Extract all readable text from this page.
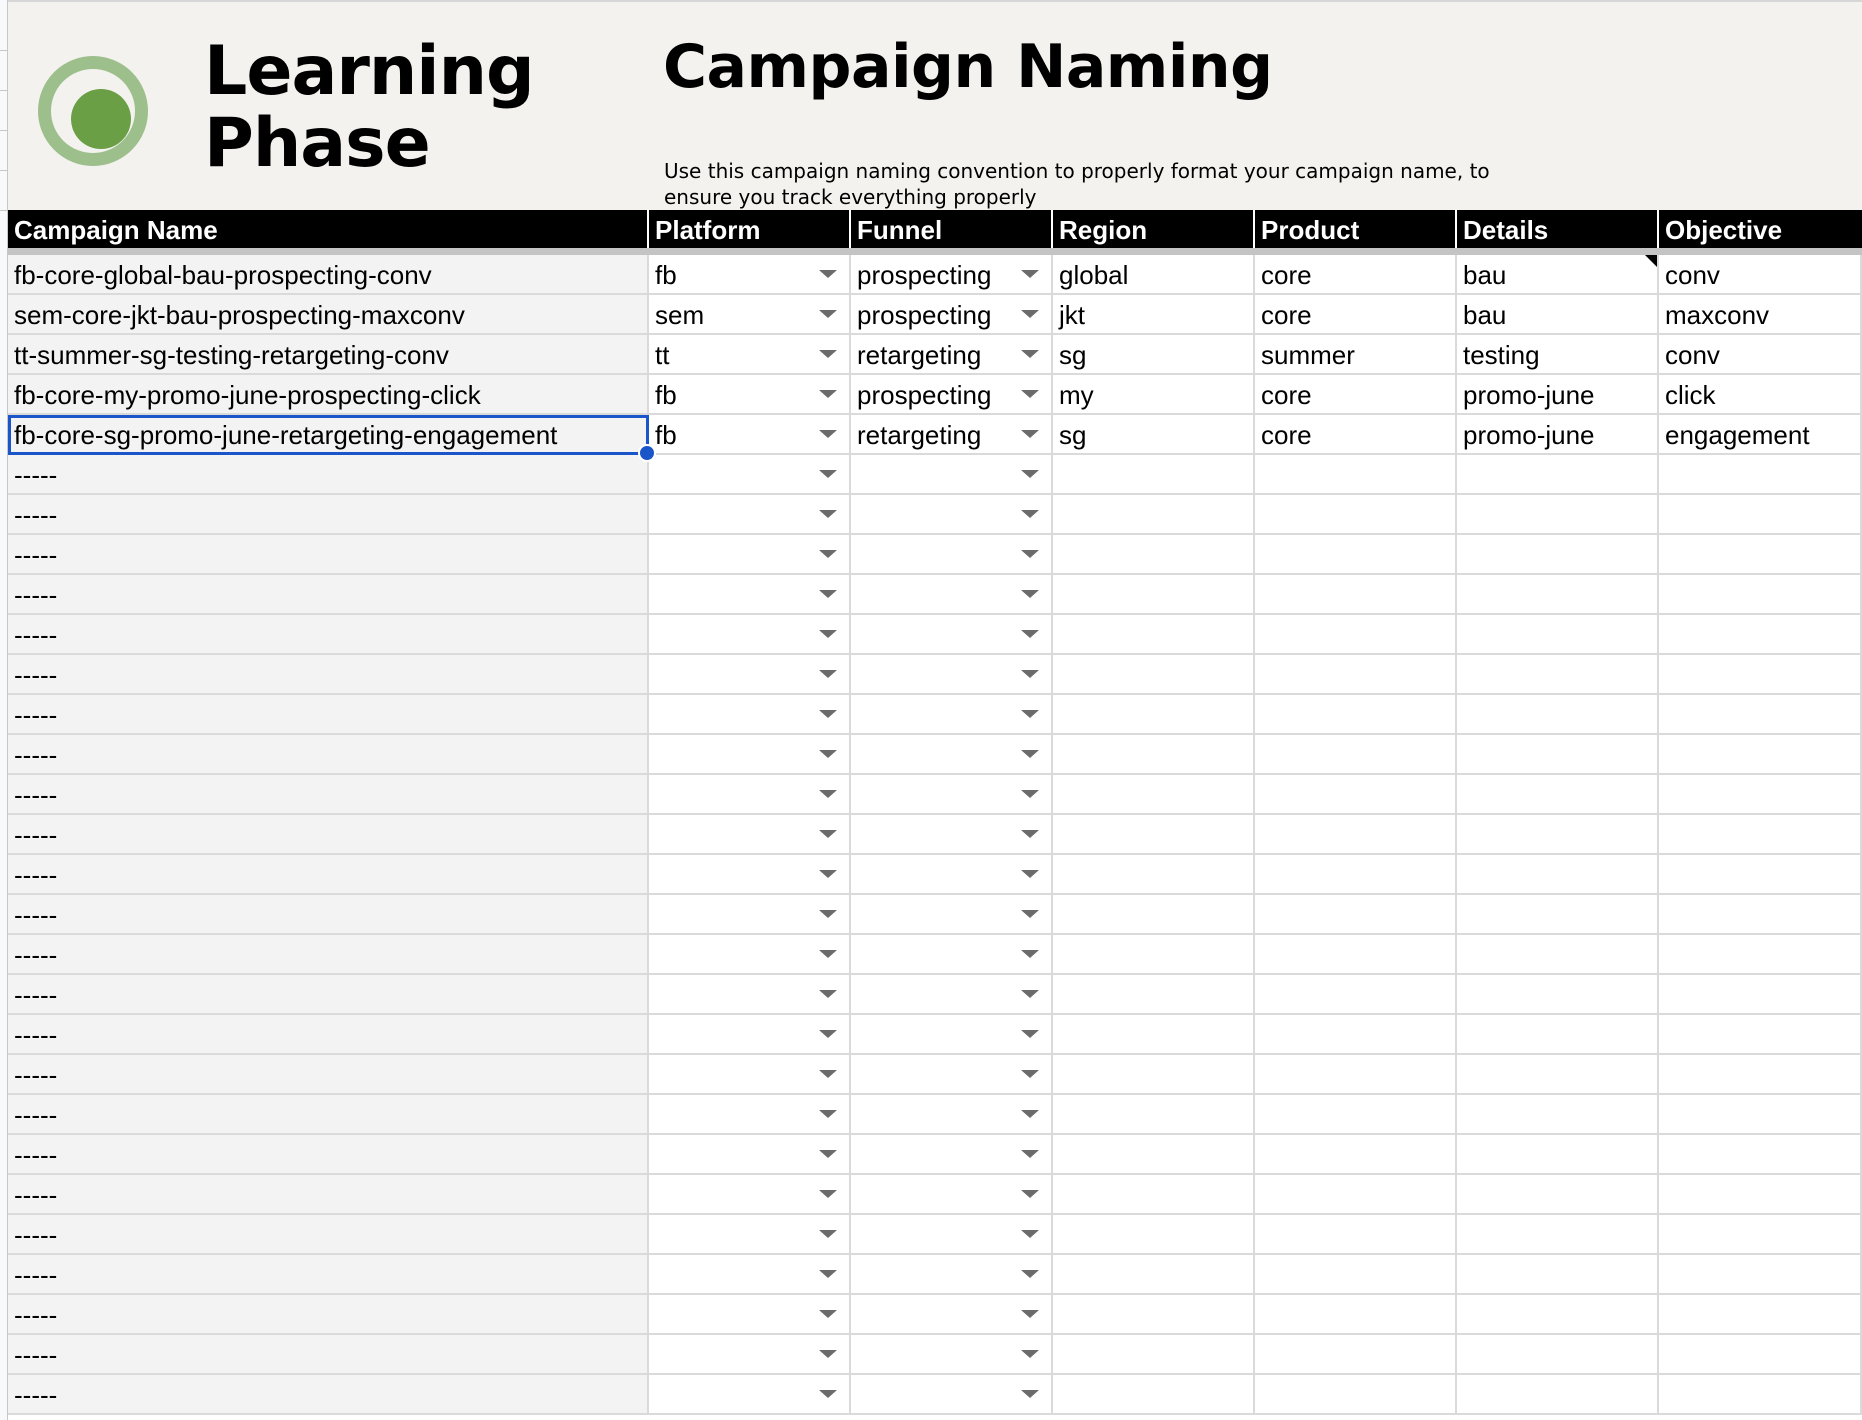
Learning
Phase
Campaign Naming
Use this campaign naming convention to properly format your campaign name, to ensure you track everything properly
Campaign Name	Platform	Funnel	Region	Product	Details	Objective
fb-core-global-bau-prospecting-conv	fb	prospecting	global	core	bau	conv
sem-core-jkt-bau-prospecting-maxconv	sem	prospecting	jkt	core	bau	maxconv
tt-summer-sg-testing-retargeting-conv	tt	retargeting	sg	summer	testing	conv
fb-core-my-promo-june-prospecting-click	fb	prospecting	my	core	promo-june	click
fb-core-sg-promo-june-retargeting-engagement	fb	retargeting	sg	core	promo-june	engagement
-----
-----
-----
-----
-----
-----
-----
-----
-----
-----
-----
-----
-----
-----
-----
-----
-----
-----
-----
-----
-----
-----
-----
-----
